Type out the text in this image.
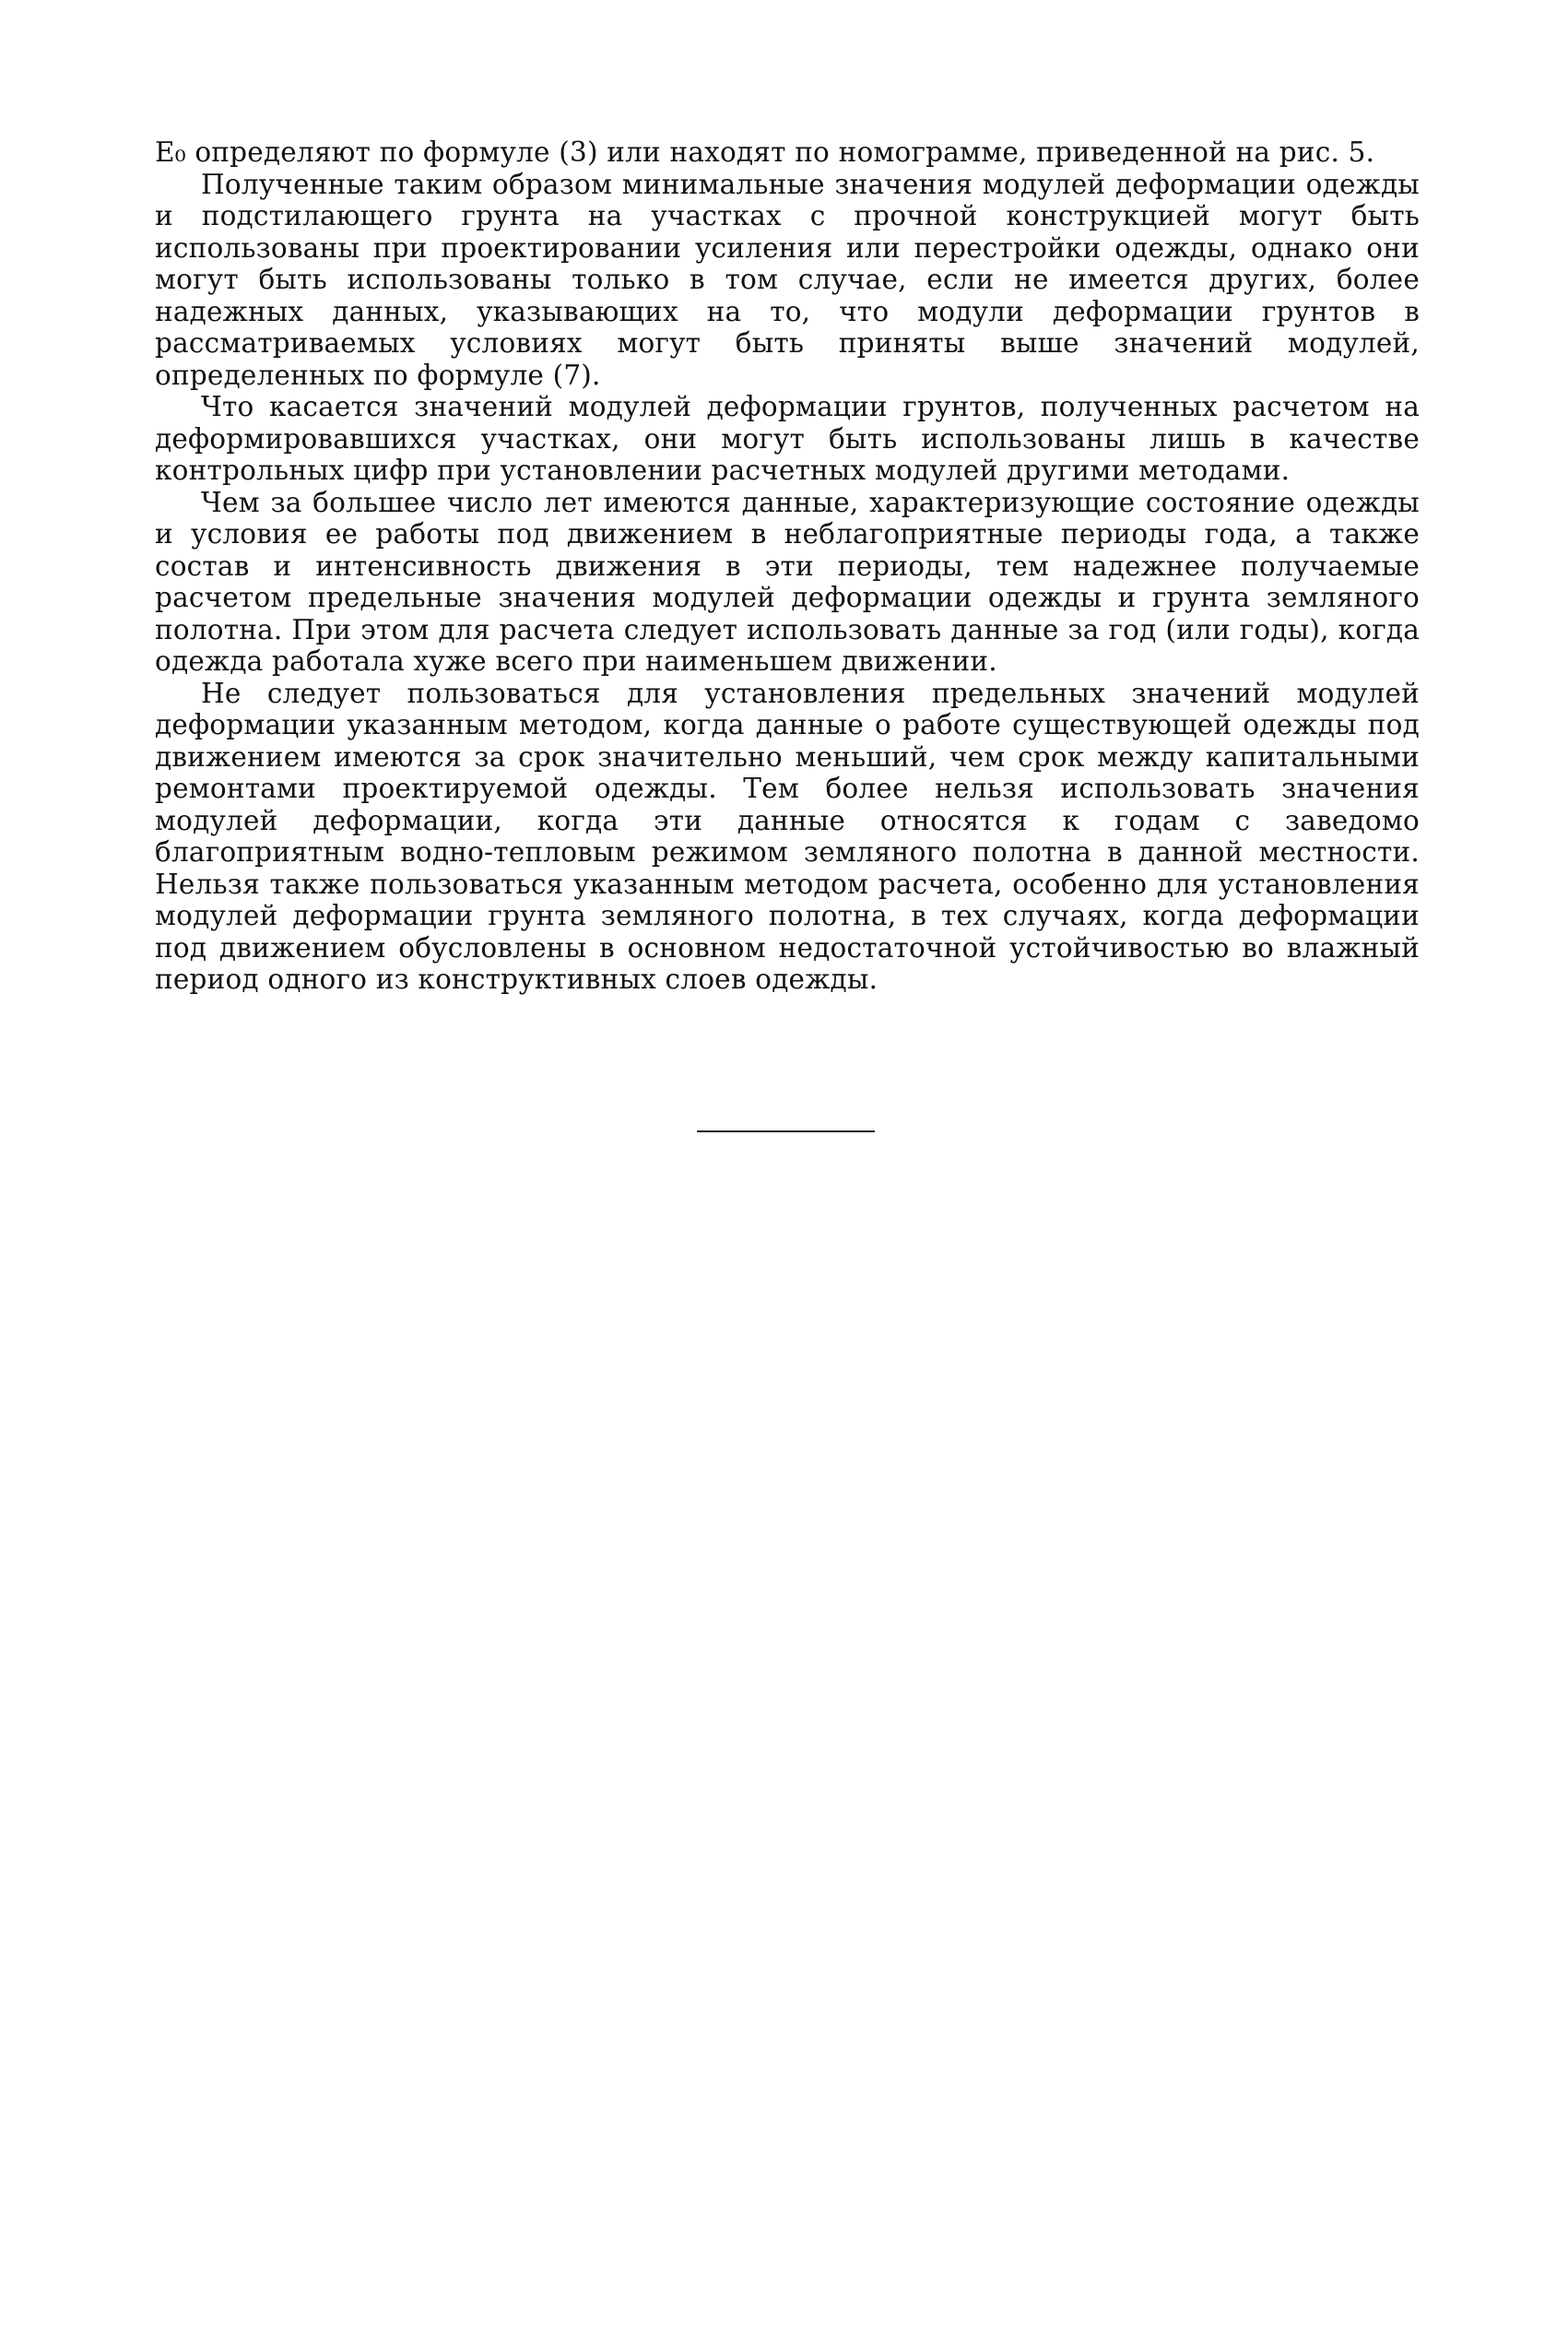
E₀ определяют по формуле (3) или находят по номограмме, приведенной на рис. 5.

Полученные таким образом минимальные значения модулей деформации одежды и подстилающего грунта на участках с прочной конструкцией могут быть использованы при проектировании усиления или перестройки одежды, однако они могут быть использованы только в том случае, если не имеется других, более надежных данных, указывающих на то, что модули деформации грунтов в рассматриваемых условиях могут быть приняты выше значений модулей, определенных по формуле (7).

Что касается значений модулей деформации грунтов, полученных расчетом на деформировавшихся участках, они могут быть использованы лишь в качестве контрольных цифр при установлении расчетных модулей другими методами.

Чем за большее число лет имеются данные, характеризующие состояние одежды и условия ее работы под движением в неблагоприятные периоды года, а также состав и интенсивность движения в эти периоды, тем надежнее получаемые расчетом предельные значения модулей деформации одежды и грунта земляного полотна. При этом для расчета следует использовать данные за год (или годы), когда одежда работала хуже всего при наименьшем движении.

Не следует пользоваться для установления предельных значений модулей деформации указанным методом, когда данные о работе существующей одежды под движением имеются за срок значительно меньший, чем срок между капитальными ремонтами проектируемой одежды. Тем более нельзя использовать значения модулей деформации, когда эти данные относятся к годам с заведомо благоприятным водно-тепловым режимом земляного полотна в данной местности. Нельзя также пользоваться указанным методом расчета, особенно для установления модулей деформации грунта земляного полотна, в тех случаях, когда деформации под движением обусловлены в основном недостаточной устойчивостью во влажный период одного из конструктивных слоев одежды.
